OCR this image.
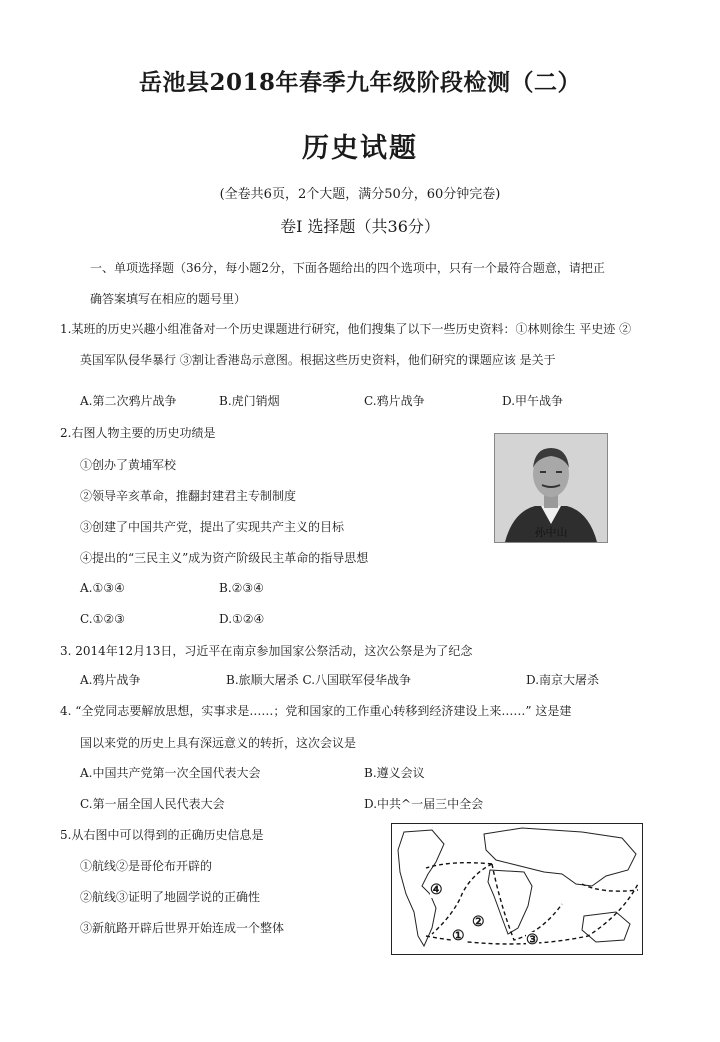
岳池县2018年春季九年级阶段检测（二）
历史试题
(全卷共6页，2个大题，满分50分，60分钟完卷)
卷Ⅰ 选择题（共36分）
一、单项选择题（36分，每小题2分，下面各题给出的四个选项中，只有一个最符合题意，请把正
确答案填写在相应的题号里）
1.某班的历史兴趣小组准备对一个历史课题进行研究，他们搜集了以下一些历史资料：①林则徐生 平史迹 ②
英国军队侵华暴行 ③割让香港岛示意图。根据这些历史资料，他们研究的课题应该 是关于
A.第二次鸦片战争	B.虎门销烟	C.鸦片战争	D.甲午战争
2.右图人物主要的历史功绩是
①创办了黄埔军校
②领导辛亥革命，推翻封建君主专制制度
③创建了中国共产党，提出了实现共产主义的目标
④提出的“三民主义”成为资产阶级民主革命的指导思想
A.①③④	B.②③④
C.①②③	D.①②④
孙中山
3. 2014年12月13日，习近平在南京参加国家公祭活动，这次公祭是为了纪念
A.鸦片战争	B.旅顺大屠杀 C.八国联军侵华战争	D.南京大屠杀
4. “全党同志要解放思想，实事求是……；党和国家的工作重心转移到经济建设上来……” 这是建
国以来党的历史上具有深远意义的转折，这次会议是
A.中国共产党第一次全国代表大会	B.遵义会议
C.第一届全国人民代表大会	D.中共^一届三中全会
5.从右图中可以得到的正确历史信息是
①航线②是哥伦布开辟的
②航线③证明了地圆学说的正确性
③新航路开辟后世界开始连成一个整体
④
②
①	③
